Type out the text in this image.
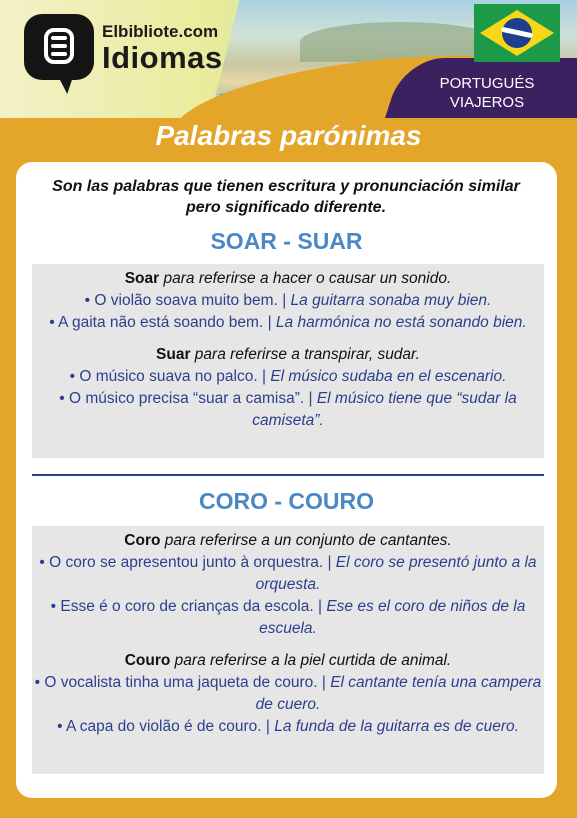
PORTUGUÉS
VIAJEROS
Elbibliote.com
Idiomas
Palabras parónimas
Son las palabras que tienen escritura y pronunciación similar pero significado diferente.
SOAR - SUAR

Soar para referirse a hacer o causar un sonido.

• O violão soava muito bem. | La guitarra sonaba muy bien.

• A gaita não está soando bem. | La harmónica no está sonando bien.

Suar para referirse a transpirar, sudar.

• O músico suava no palco. | El músico sudaba en el escenario.

• O músico precisa “suar a camisa”. | El músico tiene que “sudar la camiseta”.

CORO - COURO

Coro para referirse a un conjunto de cantantes.

• O coro se apresentou junto à orquestra. | El coro se presentó junto a la orquesta.

• Esse é o coro de crianças da escola. | Ese es el coro de niños de la escuela.

Couro para referirse a la piel curtida de animal.

• O vocalista tinha uma jaqueta de couro. | El cantante tenía una campera de cuero.

• A capa do violão é de couro. | La funda de la guitarra es de cuero.
